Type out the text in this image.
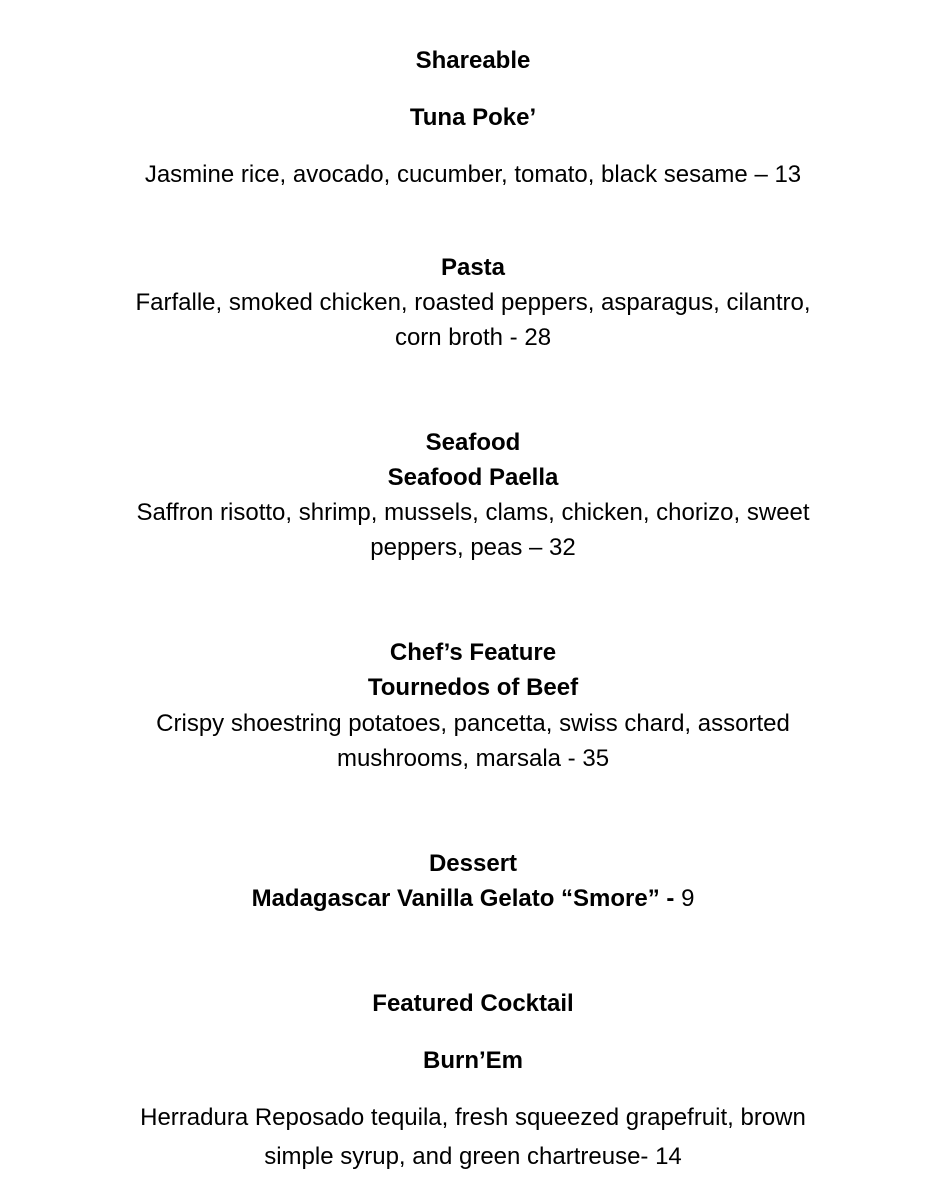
Shareable
Tuna Poke’
Jasmine rice, avocado, cucumber, tomato, black sesame – 13
Pasta
Farfalle, smoked chicken, roasted peppers, asparagus, cilantro,
corn broth - 28
Seafood
Seafood Paella
Saffron risotto, shrimp, mussels, clams, chicken, chorizo, sweet
peppers, peas – 32
Chef’s Feature
Tournedos of Beef
Crispy shoestring potatoes, pancetta, swiss chard, assorted
mushrooms, marsala - 35
Dessert
Madagascar Vanilla Gelato “Smore” - 9
Featured Cocktail
Burn’Em
Herradura Reposado tequila, fresh squeezed grapefruit, brown
simple syrup, and green chartreuse- 14
